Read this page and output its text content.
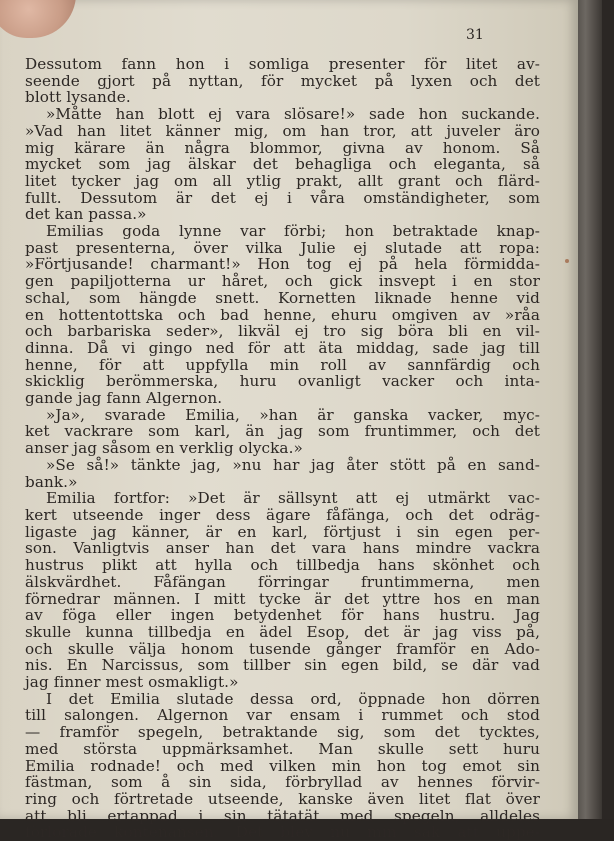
31
Dessutom fann hon i somliga presenter för litet av-
seende gjort på nyttan, för mycket på lyxen och det
blott lysande.
»Måtte han blott ej vara slösare!» sade hon suckande.
»Vad han litet känner mig, om han tror, att juveler äro
mig kärare än några blommor, givna av honom. Så
mycket som jag älskar det behagliga och eleganta, så
litet tycker jag om all ytlig prakt, allt grant och flärd-
fullt. Dessutom är det ej i våra omständigheter, som
det kan passa.»
Emilias goda lynne var förbi; hon betraktade knap-
past presenterna, över vilka Julie ej slutade att ropa:
»Förtjusande! charmant!» Hon tog ej på hela förmidda-
gen papiljotterna ur håret, och gick insvept i en stor
schal, som hängde snett. Kornetten liknade henne vid
en hottentottska och bad henne, ehuru omgiven av »råa
och barbariska seder», likväl ej tro sig böra bli en vil-
dinna. Då vi gingo ned för att äta middag, sade jag till
henne, för att uppfylla min roll av sannfärdig och
skicklig berömmerska, huru ovanligt vacker och inta-
gande jag fann Algernon.
»Ja», svarade Emilia, »han är ganska vacker, myc-
ket vackrare som karl, än jag som fruntimmer, och det
anser jag såsom en verklig olycka.»
»Se så!» tänkte jag, »nu har jag åter stött på en sand-
bank.»
Emilia fortfor: »Det är sällsynt att ej utmärkt vac-
kert utseende inger dess ägare fåfänga, och det odräg-
ligaste jag känner, är en karl, förtjust i sin egen per-
son. Vanligtvis anser han det vara hans mindre vackra
hustrus plikt att hylla och tillbedja hans skönhet och
älskvärdhet. Fåfängan förringar fruntimmerna, men
förnedrar männen. I mitt tycke är det yttre hos en man
av föga eller ingen betydenhet för hans hustru. Jag
skulle kunna tillbedja en ädel Esop, det är jag viss på,
och skulle välja honom tusende gånger framför en Ado-
nis. En Narcissus, som tillber sin egen bild, se där vad
jag finner mest osmakligt.»
I det Emilia slutade dessa ord, öppnade hon dörren
till salongen. Algernon var ensam i rummet och stod
— framför spegeln, betraktande sig, som det tycktes,
med största uppmärksamhet. Man skulle sett huru
Emilia rodnade! och med vilken min hon tog emot sin
fästman, som å sin sida, förbryllad av hennes förvir-
ring och förtretade utseende, kanske även litet flat över
att bli ertappad i sin tätatät med spegeln, alldeles
förlorade kontenansen. Det blev nu min sak att uppe-
